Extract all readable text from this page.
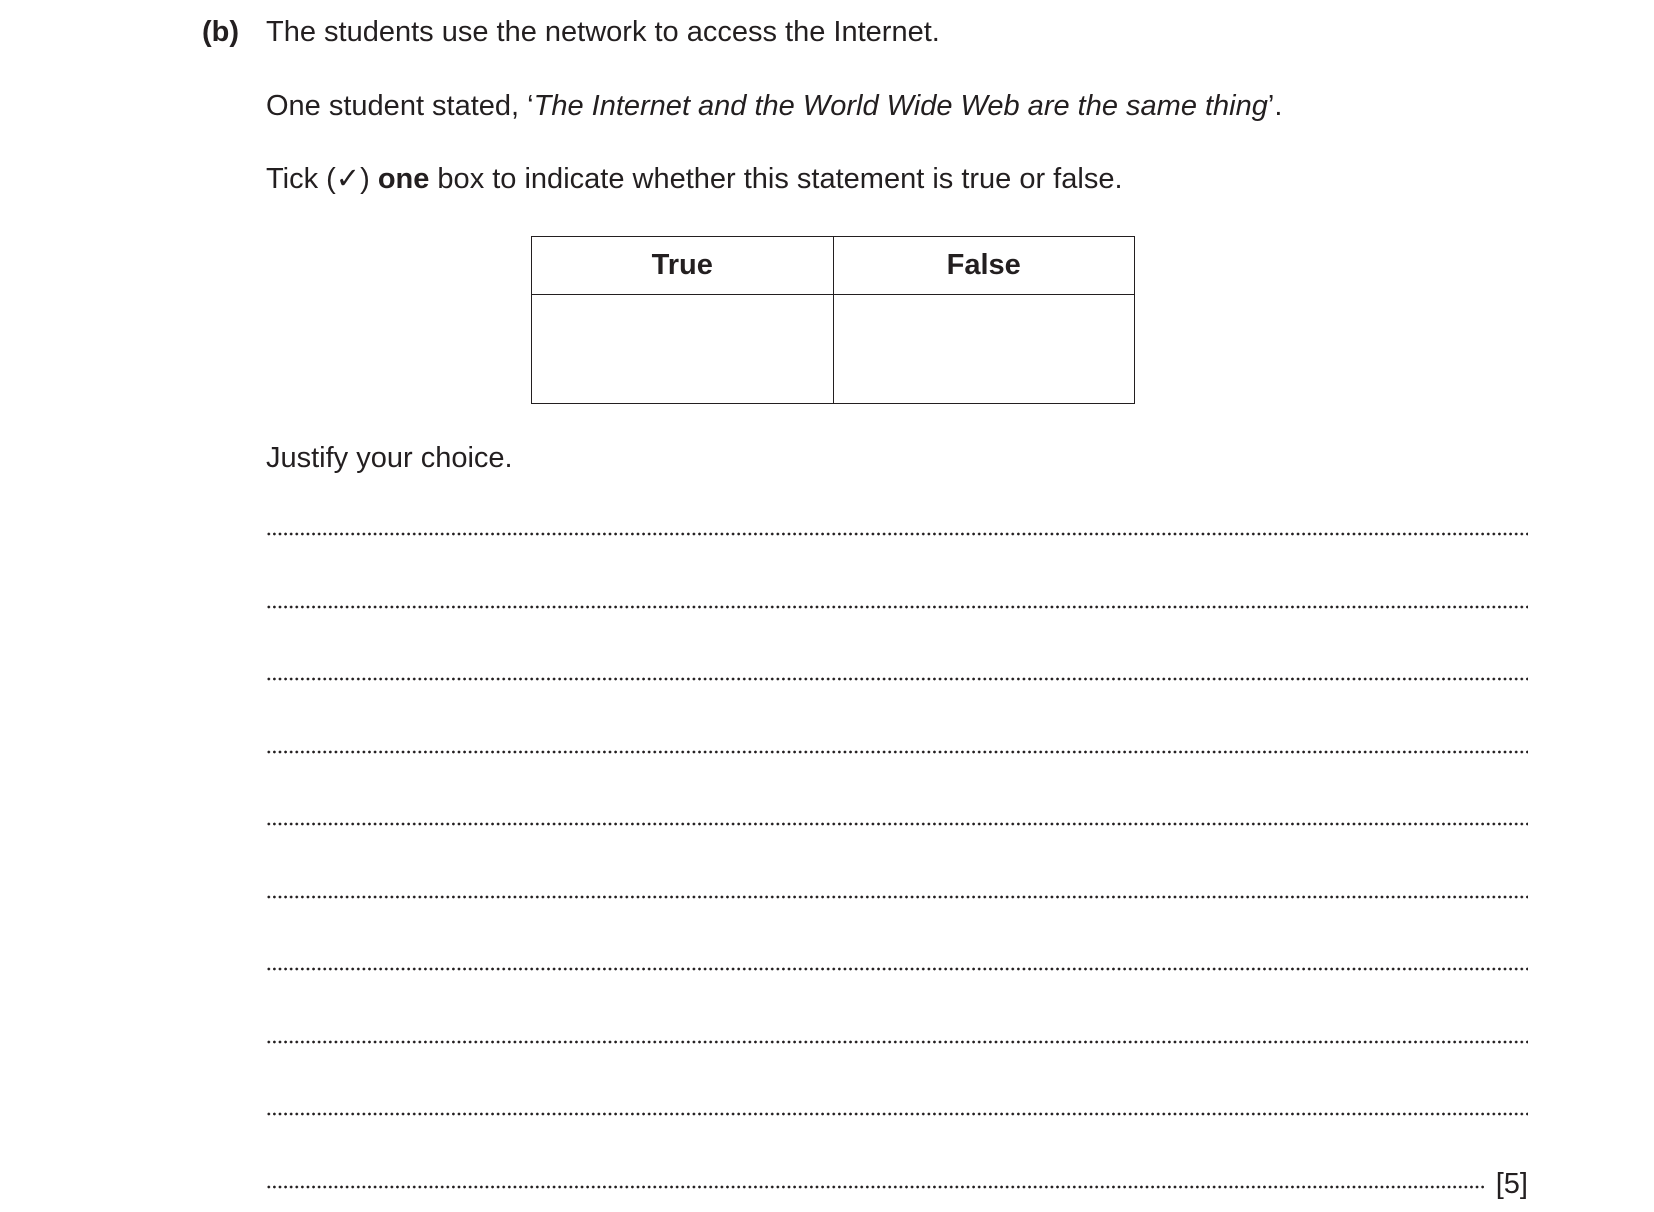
(b) The students use the network to access the Internet.
One student stated, ‘The Internet and the World Wide Web are the same thing’.
Tick (✓) one box to indicate whether this statement is true or false.
True	False

Justify your choice.
[5]
